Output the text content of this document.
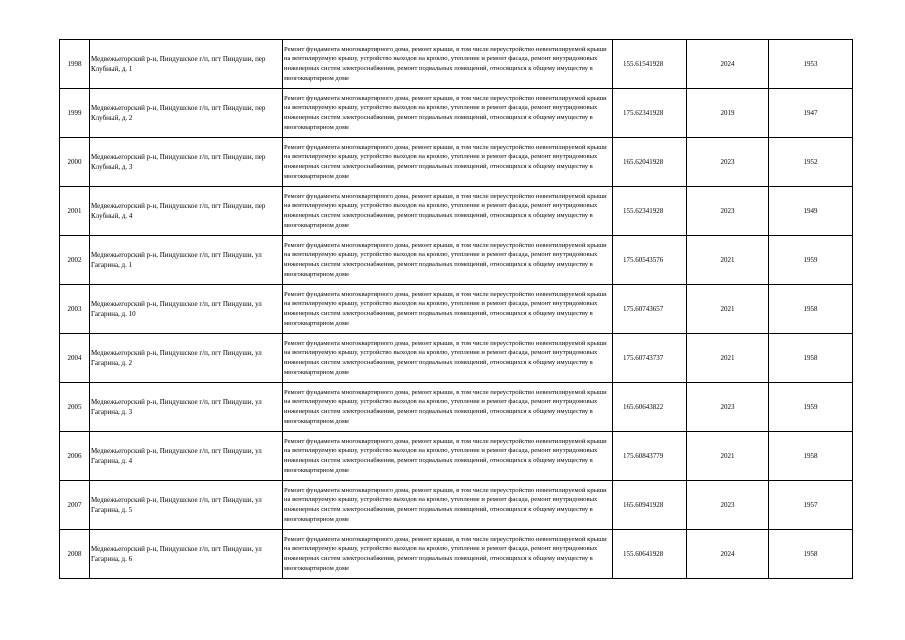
1998	Медвежьегорский р-н, Пиндушское г/п, пгт Пиндуши, пер Клубный, д. 1	Ремонт фундамента многоквартирного дома, ремонт крыши, в том числе переустройство невентилируемой крыши на вентилируемую крышу, устройство выходов на кровлю, утепление и ремонт фасада, ремонт внутридомовых инженерных систем электроснабжения, ремонт подвальных помещений, относящихся к общему имуществу в многоквартирном доме	155.61541928	2024	1953
1999	Медвежьегорский р-н, Пиндушское г/п, пгт Пиндуши, пер Клубный, д. 2	Ремонт фундамента многоквартирного дома, ремонт крыши, в том числе переустройство невентилируемой крыши на вентилируемую крышу, устройство выходов на кровлю, утепление и ремонт фасада, ремонт внутридомовых инженерных систем электроснабжения, ремонт подвальных помещений, относящихся к общему имуществу в многоквартирном доме	175.62341928	2019	1947
2000	Медвежьегорский р-н, Пиндушское г/п, пгт Пиндуши, пер Клубный, д. 3	Ремонт фундамента многоквартирного дома, ремонт крыши, в том числе переустройство невентилируемой крыши на вентилируемую крышу, устройство выходов на кровлю, утепление и ремонт фасада, ремонт внутридомовых инженерных систем электроснабжения, ремонт подвальных помещений, относящихся к общему имуществу в многоквартирном доме	165.62041928	2023	1952
2001	Медвежьегорский р-н, Пиндушское г/п, пгт Пиндуши, пер Клубный, д. 4	Ремонт фундамента многоквартирного дома, ремонт крыши, в том числе переустройство невентилируемой крыши на вентилируемую крышу, устройство выходов на кровлю, утепление и ремонт фасада, ремонт внутридомовых инженерных систем электроснабжения, ремонт подвальных помещений, относящихся к общему имуществу в многоквартирном доме	155.62341928	2023	1949
2002	Медвежьегорский р-н, Пиндушское г/п, пгт Пиндуши, ул Гагарина, д. 1	Ремонт фундамента многоквартирного дома, ремонт крыши, в том числе переустройство невентилируемой крыши на вентилируемую крышу, устройство выходов на кровлю, утепление и ремонт фасада, ремонт внутридомовых инженерных систем электроснабжения, ремонт подвальных помещений, относящихся к общему имуществу в многоквартирном доме	175.60543576	2021	1959
2003	Медвежьегорский р-н, Пиндушское г/п, пгт Пиндуши, ул Гагарина, д. 10	Ремонт фундамента многоквартирного дома, ремонт крыши, в том числе переустройство невентилируемой крыши на вентилируемую крышу, устройство выходов на кровлю, утепление и ремонт фасада, ремонт внутридомовых инженерных систем электроснабжения, ремонт подвальных помещений, относящихся к общему имуществу в многоквартирном доме	175.60743657	2021	1958
2004	Медвежьегорский р-н, Пиндушское г/п, пгт Пиндуши, ул Гагарина, д. 2	Ремонт фундамента многоквартирного дома, ремонт крыши, в том числе переустройство невентилируемой крыши на вентилируемую крышу, устройство выходов на кровлю, утепление и ремонт фасада, ремонт внутридомовых инженерных систем электроснабжения, ремонт подвальных помещений, относящихся к общему имуществу в многоквартирном доме	175.60743737	2021	1958
2005	Медвежьегорский р-н, Пиндушское г/п, пгт Пиндуши, ул Гагарина, д. 3	Ремонт фундамента многоквартирного дома, ремонт крыши, в том числе переустройство невентилируемой крыши на вентилируемую крышу, устройство выходов на кровлю, утепление и ремонт фасада, ремонт внутридомовых инженерных систем электроснабжения, ремонт подвальных помещений, относящихся к общему имуществу в многоквартирном доме	165.60643822	2023	1959
2006	Медвежьегорский р-н, Пиндушское г/п, пгт Пиндуши, ул Гагарина, д. 4	Ремонт фундамента многоквартирного дома, ремонт крыши, в том числе переустройство невентилируемой крыши на вентилируемую крышу, устройство выходов на кровлю, утепление и ремонт фасада, ремонт внутридомовых инженерных систем электроснабжения, ремонт подвальных помещений, относящихся к общему имуществу в многоквартирном доме	175.60843779	2021	1958
2007	Медвежьегорский р-н, Пиндушское г/п, пгт Пиндуши, ул Гагарина, д. 5	Ремонт фундамента многоквартирного дома, ремонт крыши, в том числе переустройство невентилируемой крыши на вентилируемую крышу, устройство выходов на кровлю, утепление и ремонт фасада, ремонт внутридомовых инженерных систем электроснабжения, ремонт подвальных помещений, относящихся к общему имуществу в многоквартирном доме	165.60941928	2023	1957
2008	Медвежьегорский р-н, Пиндушское г/п, пгт Пиндуши, ул Гагарина, д. 6	Ремонт фундамента многоквартирного дома, ремонт крыши, в том числе переустройство невентилируемой крыши на вентилируемую крышу, устройство выходов на кровлю, утепление и ремонт фасада, ремонт внутридомовых инженерных систем электроснабжения, ремонт подвальных помещений, относящихся к общему имуществу в многоквартирном доме	155.60641928	2024	1958
